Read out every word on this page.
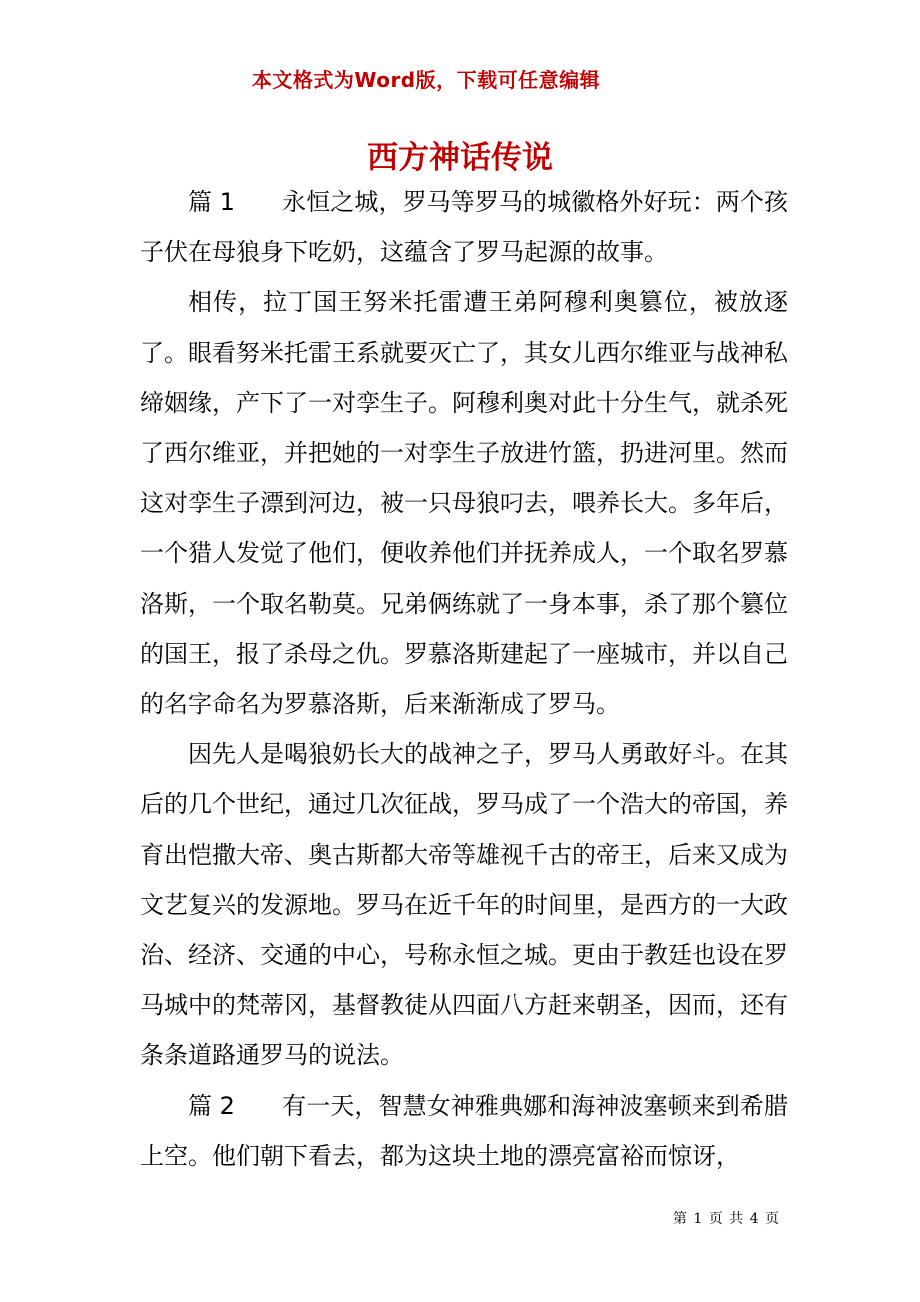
本文格式为Word版，下载可任意编辑
西方神话传说

篇 1 永恒之城，罗马等罗马的城徽格外好玩：两个孩子伏在母狼身下吃奶，这蕴含了罗马起源的故事。

相传，拉丁国王努米托雷遭王弟阿穆利奥篡位，被放逐了。眼看努米托雷王系就要灭亡了，其女儿西尔维亚与战神私缔姻缘，产下了一对孪生子。阿穆利奥对此十分生气，就杀死了西尔维亚，并把她的一对孪生子放进竹篮，扔进河里。然而这对孪生子漂到河边，被一只母狼叼去，喂养长大。多年后，一个猎人发觉了他们，便收养他们并抚养成人，一个取名罗慕洛斯，一个取名勒莫。兄弟俩练就了一身本事，杀了那个篡位的国王，报了杀母之仇。罗慕洛斯建起了一座城市，并以自己的名字命名为罗慕洛斯，后来渐渐成了罗马。

因先人是喝狼奶长大的战神之子，罗马人勇敢好斗。在其后的几个世纪，通过几次征战，罗马成了一个浩大的帝国，养育出恺撒大帝、奥古斯都大帝等雄视千古的帝王，后来又成为文艺复兴的发源地。罗马在近千年的时间里，是西方的一大政治、经济、交通的中心，号称永恒之城。更由于教廷也设在罗马城中的梵蒂冈，基督教徒从四面八方赶来朝圣，因而，还有条条道路通罗马的说法。

篇 2 有一天，智慧女神雅典娜和海神波塞顿来到希腊上空。他们朝下看去，都为这块土地的漂亮富裕而惊讶，

第 1 页 共 4 页
